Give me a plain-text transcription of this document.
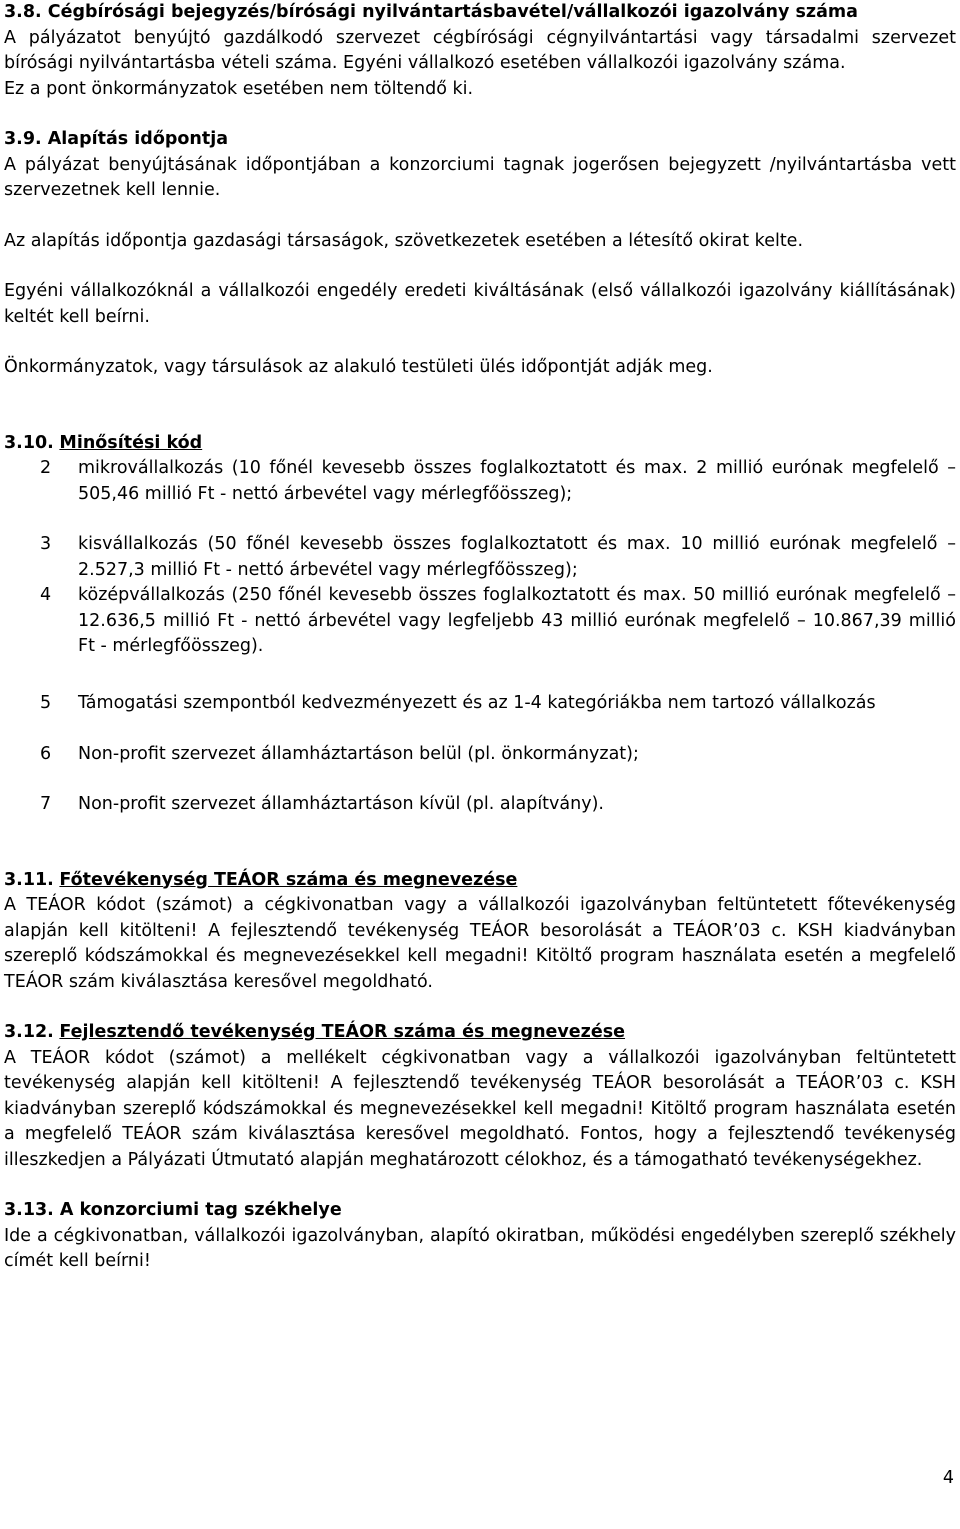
3.8. Cégbírósági bejegyzés/bírósági nyilvántartásbavétel/vállalkozói igazolvány száma

A pályázatot benyújtó gazdálkodó szervezet cégbírósági cégnyilvántartási vagy társadalmi szervezet bírósági nyilvántartásba vételi száma. Egyéni vállalkozó esetében vállalkozói igazolvány száma.

Ez a pont önkormányzatok esetében nem töltendő ki.

3.9. Alapítás időpontja

A pályázat benyújtásának időpontjában a konzorciumi tagnak jogerősen bejegyzett /nyilvántartásba vett szervezetnek kell lennie.

Az alapítás időpontja gazdasági társaságok, szövetkezetek esetében a létesítő okirat kelte.

Egyéni vállalkozóknál a vállalkozói engedély eredeti kiváltásának (első vállalkozói igazolvány kiállításának) keltét kell beírni.

Önkormányzatok, vagy társulások az alakuló testületi ülés időpontját adják meg.

3.10. Minősítési kód

2	mikrovállalkozás (10 főnél kevesebb összes foglalkoztatott és max. 2 millió eurónak megfelelő – 505,46 millió Ft - nettó árbevétel vagy mérlegfőösszeg);
3	kisvállalkozás (50 főnél kevesebb összes foglalkoztatott és max. 10 millió eurónak megfelelő – 2.527,3 millió Ft - nettó árbevétel vagy mérlegfőösszeg);
4	középvállalkozás (250 főnél kevesebb összes foglalkoztatott és max. 50 millió eurónak megfelelő – 12.636,5 millió Ft - nettó árbevétel vagy legfeljebb 43 millió eurónak megfelelő – 10.867,39 millió Ft - mérlegfőösszeg).
5	Támogatási szempontból kedvezményezett és az 1-4 kategóriákba nem tartozó vállalkozás
6	Non-profit szervezet államháztartáson belül (pl. önkormányzat);
7	Non-profit szervezet államháztartáson kívül (pl. alapítvány).

3.11. Főtevékenység TEÁOR száma és megnevezése

A TEÁOR kódot (számot) a cégkivonatban vagy a vállalkozói igazolványban feltüntetett főtevékenység alapján kell kitölteni! A fejlesztendő tevékenység TEÁOR besorolását a TEÁOR’03 c. KSH kiadványban szereplő kódszámokkal és megnevezésekkel kell megadni! Kitöltő program használata esetén a megfelelő TEÁOR szám kiválasztása keresővel megoldható.

3.12. Fejlesztendő tevékenység TEÁOR száma és megnevezése

A TEÁOR kódot (számot) a mellékelt cégkivonatban vagy a vállalkozói igazolványban feltüntetett tevékenység alapján kell kitölteni! A fejlesztendő tevékenység TEÁOR besorolását a TEÁOR’03 c. KSH kiadványban szereplő kódszámokkal és megnevezésekkel kell megadni! Kitöltő program használata esetén a megfelelő TEÁOR szám kiválasztása keresővel megoldható. Fontos, hogy a fejlesztendő tevékenység illeszkedjen a Pályázati Útmutató alapján meghatározott célokhoz, és a támogatható tevékenységekhez.

3.13. A konzorciumi tag székhelye

Ide a cégkivonatban, vállalkozói igazolványban, alapító okiratban, működési engedélyben szereplő székhely címét kell beírni!

4
